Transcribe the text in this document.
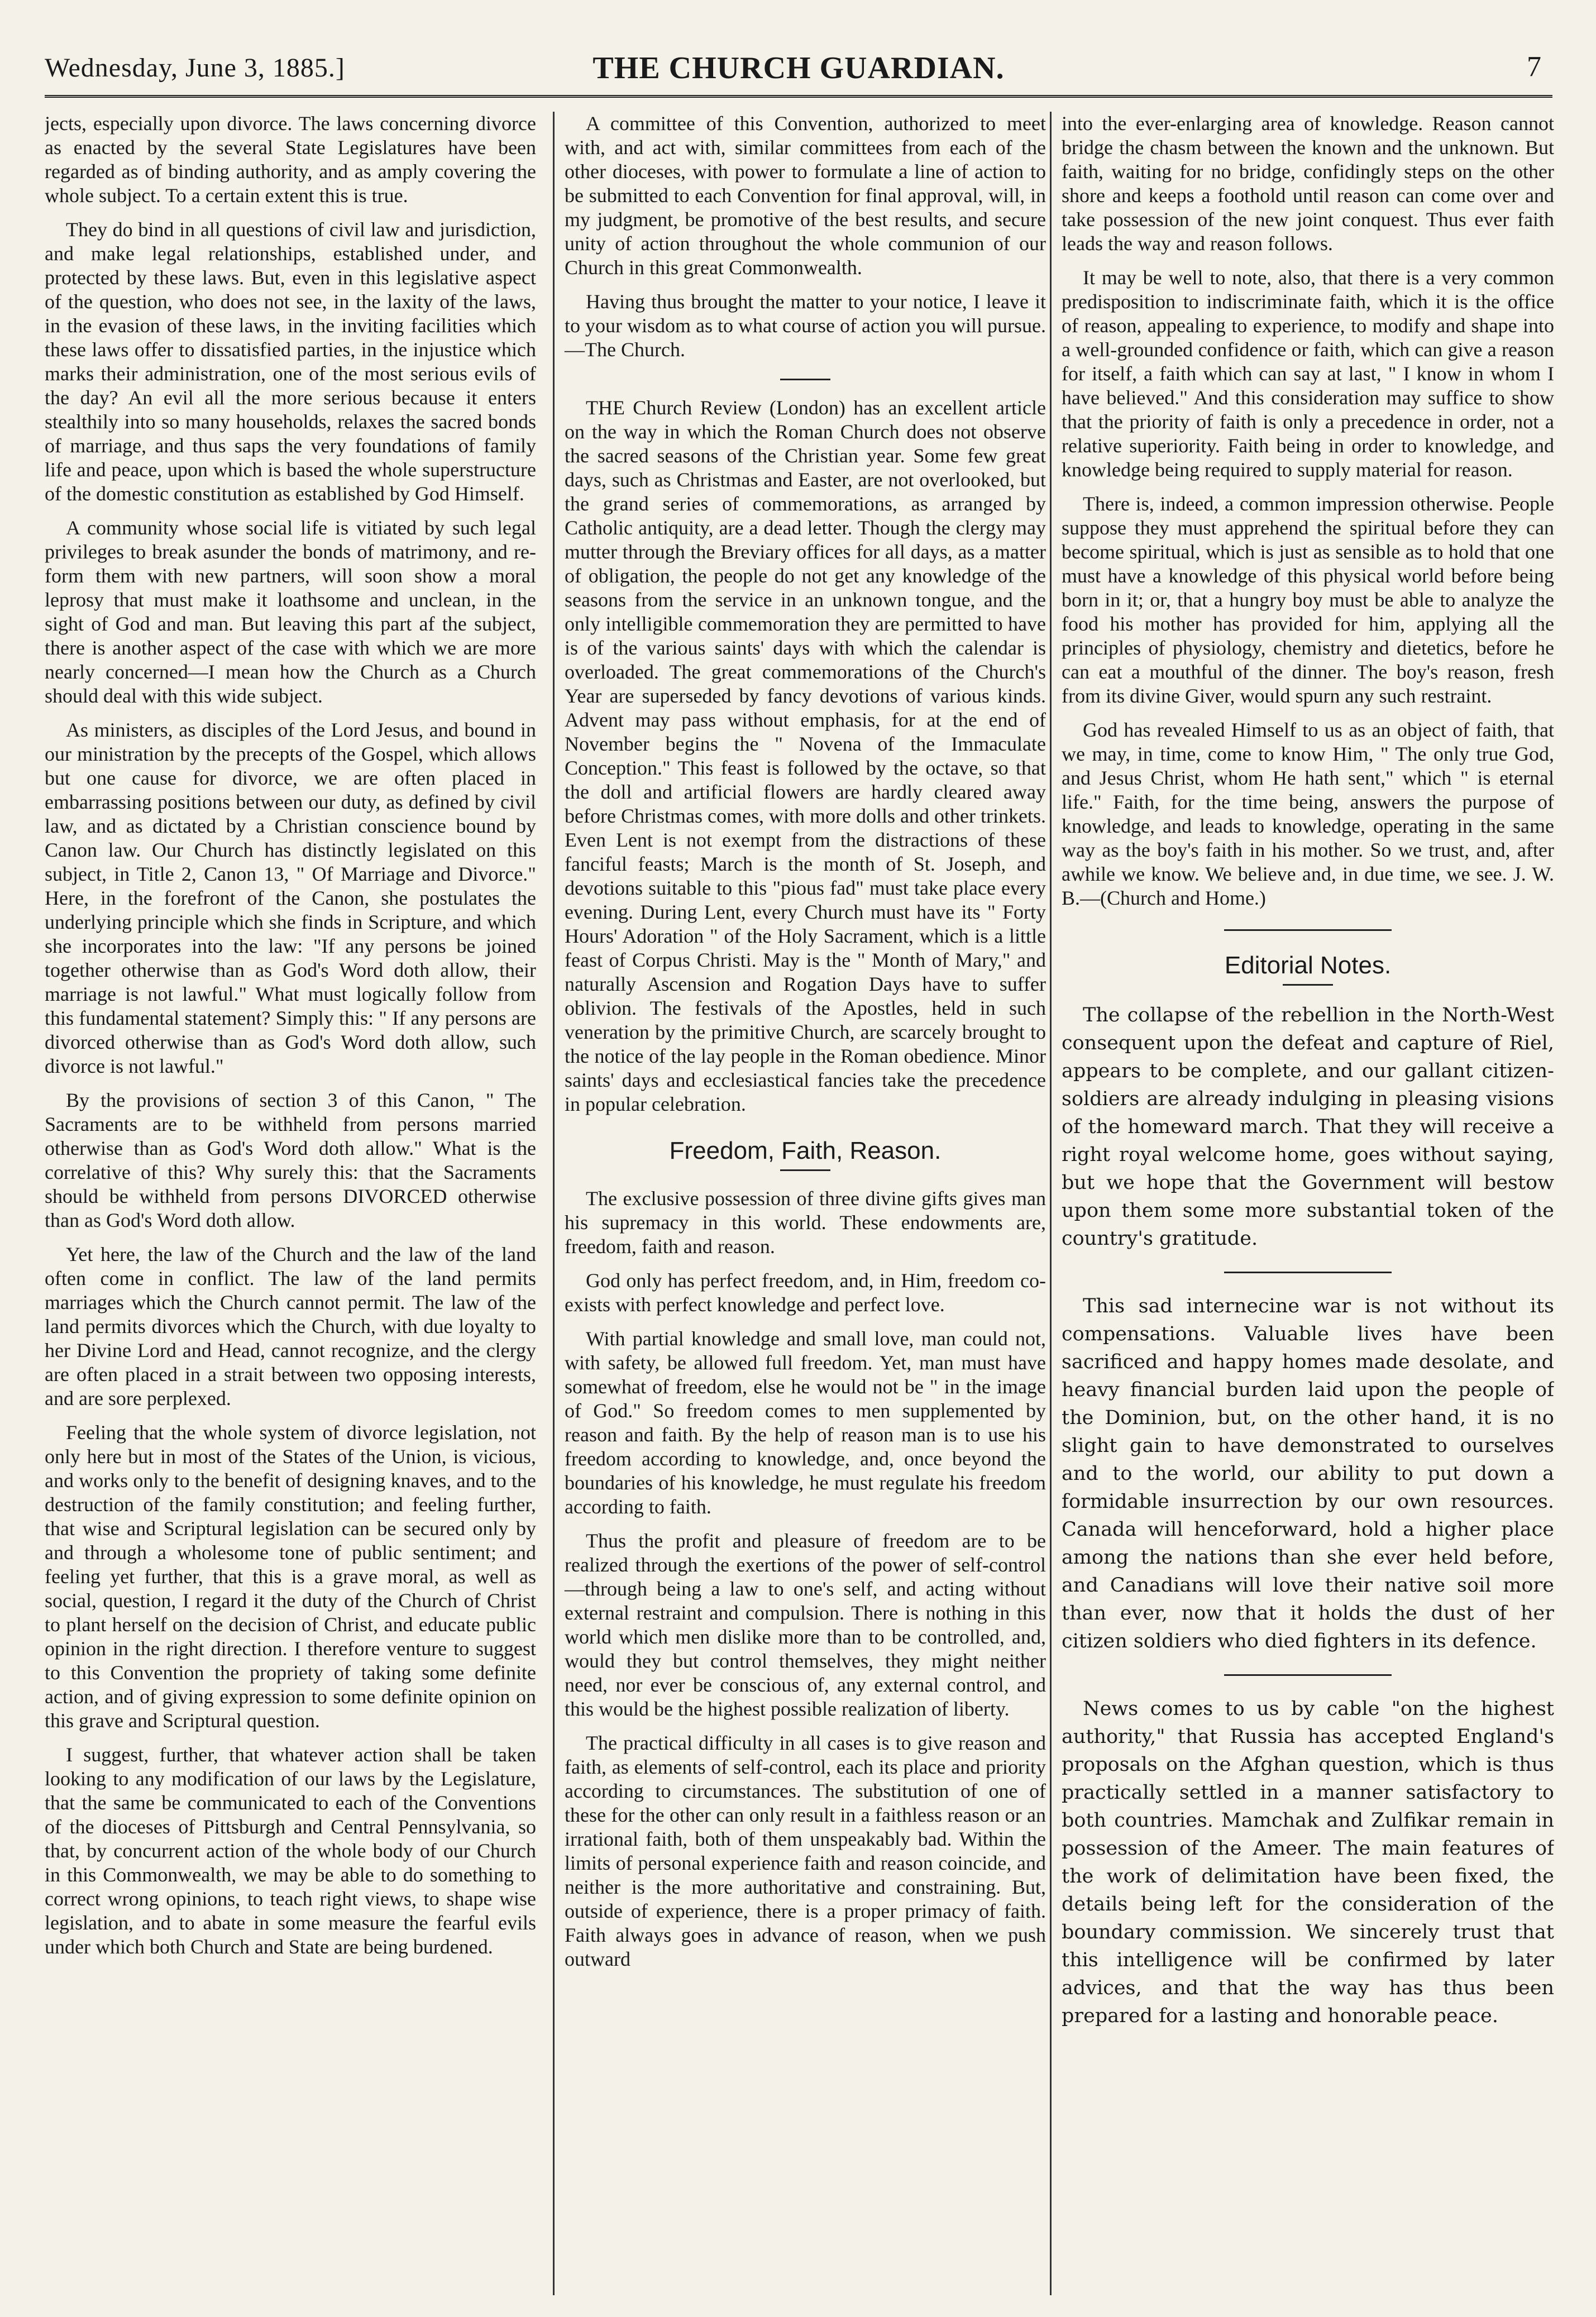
Wednesday, June 3, 1885.]	THE CHURCH GUARDIAN.	7

jects, especially upon divorce. The laws concerning divorce as enacted by the several State Legislatures have been regarded as of binding authority, and as amply covering the whole subject. To a certain extent this is true.

They do bind in all questions of civil law and jurisdiction, and make legal relationships, established under, and protected by these laws. But, even in this legislative aspect of the question, who does not see, in the laxity of the laws, in the evasion of these laws, in the inviting facilities which these laws offer to dissatisfied parties, in the injustice which marks their administration, one of the most serious evils of the day? An evil all the more serious because it enters stealthily into so many households, relaxes the sacred bonds of marriage, and thus saps the very foundations of family life and peace, upon which is based the whole superstructure of the domestic constitution as established by God Himself.

A community whose social life is vitiated by such legal privileges to break asunder the bonds of matrimony, and re-form them with new partners, will soon show a moral leprosy that must make it loathsome and unclean, in the sight of God and man. But leaving this part af the subject, there is another aspect of the case with which we are more nearly concerned—I mean how the Church as a Church should deal with this wide subject.

As ministers, as disciples of the Lord Jesus, and bound in our ministration by the precepts of the Gospel, which allows but one cause for divorce, we are often placed in embarrassing positions between our duty, as defined by civil law, and as dictated by a Christian conscience bound by Canon law. Our Church has distinctly legislated on this subject, in Title 2, Canon 13, " Of Marriage and Divorce." Here, in the forefront of the Canon, she postulates the underlying principle which she finds in Scripture, and which she incorporates into the law: "If any persons be joined together otherwise than as God's Word doth allow, their marriage is not lawful." What must logically follow from this fundamental statement? Simply this: " If any persons are divorced otherwise than as God's Word doth allow, such divorce is not lawful."

By the provisions of section 3 of this Canon, " The Sacraments are to be withheld from persons married otherwise than as God's Word doth allow." What is the correlative of this? Why surely this: that the Sacraments should be withheld from persons DIVORCED otherwise than as God's Word doth allow.

Yet here, the law of the Church and the law of the land often come in conflict. The law of the land permits marriages which the Church cannot permit. The law of the land permits divorces which the Church, with due loyalty to her Divine Lord and Head, cannot recognize, and the clergy are often placed in a strait between two opposing interests, and are sore perplexed.

Feeling that the whole system of divorce legislation, not only here but in most of the States of the Union, is vicious, and works only to the benefit of designing knaves, and to the destruction of the family constitution; and feeling further, that wise and Scriptural legislation can be secured only by and through a wholesome tone of public sentiment; and feeling yet further, that this is a grave moral, as well as social, question, I regard it the duty of the Church of Christ to plant herself on the decision of Christ, and educate public opinion in the right direction. I therefore venture to suggest to this Convention the propriety of taking some definite action, and of giving expression to some definite opinion on this grave and Scriptural question.

I suggest, further, that whatever action shall be taken looking to any modification of our laws by the Legislature, that the same be communicated to each of the Conventions of the dioceses of Pittsburgh and Central Pennsylvania, so that, by concurrent action of the whole body of our Church in this Commonwealth, we may be able to do something to correct wrong opinions, to teach right views, to shape wise legislation, and to abate in some measure the fearful evils under which both Church and State are being burdened.

A committee of this Convention, authorized to meet with, and act with, similar committees from each of the other dioceses, with power to formulate a line of action to be submitted to each Convention for final approval, will, in my judgment, be promotive of the best results, and secure unity of action throughout the whole communion of our Church in this great Commonwealth.

Having thus brought the matter to your notice, I leave it to your wisdom as to what course of action you will pursue.—The Church.

THE Church Review (London) has an excellent article on the way in which the Roman Church does not observe the sacred seasons of the Christian year. Some few great days, such as Christmas and Easter, are not overlooked, but the grand series of commemorations, as arranged by Catholic antiquity, are a dead letter. Though the clergy may mutter through the Breviary offices for all days, as a matter of obligation, the people do not get any knowledge of the seasons from the service in an unknown tongue, and the only intelligible commemoration they are permitted to have is of the various saints' days with which the calendar is overloaded. The great commemorations of the Church's Year are superseded by fancy devotions of various kinds. Advent may pass without emphasis, for at the end of November begins the " Novena of the Immaculate Conception." This feast is followed by the octave, so that the doll and artificial flowers are hardly cleared away before Christmas comes, with more dolls and other trinkets. Even Lent is not exempt from the distractions of these fanciful feasts; March is the month of St. Joseph, and devotions suitable to this "pious fad" must take place every evening. During Lent, every Church must have its " Forty Hours' Adoration " of the Holy Sacrament, which is a little feast of Corpus Christi. May is the " Month of Mary," and naturally Ascension and Rogation Days have to suffer oblivion. The festivals of the Apostles, held in such veneration by the primitive Church, are scarcely brought to the notice of the lay people in the Roman obedience. Minor saints' days and ecclesiastical fancies take the precedence in popular celebration.

Freedom, Faith, Reason.

The exclusive possession of three divine gifts gives man his supremacy in this world. These endowments are, freedom, faith and reason.

God only has perfect freedom, and, in Him, freedom co-exists with perfect knowledge and perfect love.

With partial knowledge and small love, man could not, with safety, be allowed full freedom. Yet, man must have somewhat of freedom, else he would not be " in the image of God." So freedom comes to men supplemented by reason and faith. By the help of reason man is to use his freedom according to knowledge, and, once beyond the boundaries of his knowledge, he must regulate his freedom according to faith.

Thus the profit and pleasure of freedom are to be realized through the exertions of the power of self-control—through being a law to one's self, and acting without external restraint and compulsion. There is nothing in this world which men dislike more than to be controlled, and, would they but control themselves, they might neither need, nor ever be conscious of, any external control, and this would be the highest possible realization of liberty.

The practical difficulty in all cases is to give reason and faith, as elements of self-control, each its place and priority according to circumstances. The substitution of one of these for the other can only result in a faithless reason or an irrational faith, both of them unspeakably bad. Within the limits of personal experience faith and reason coincide, and neither is the more authoritative and constraining. But, outside of experience, there is a proper primacy of faith. Faith always goes in advance of reason, when we push outward

into the ever-enlarging area of knowledge. Reason cannot bridge the chasm between the known and the unknown. But faith, waiting for no bridge, confidingly steps on the other shore and keeps a foothold until reason can come over and take possession of the new joint conquest. Thus ever faith leads the way and reason follows.

It may be well to note, also, that there is a very common predisposition to indiscriminate faith, which it is the office of reason, appealing to experience, to modify and shape into a well-grounded confidence or faith, which can give a reason for itself, a faith which can say at last, " I know in whom I have believed." And this consideration may suffice to show that the priority of faith is only a precedence in order, not a relative superiority. Faith being in order to knowledge, and knowledge being required to supply material for reason.

There is, indeed, a common impression otherwise. People suppose they must apprehend the spiritual before they can become spiritual, which is just as sensible as to hold that one must have a knowledge of this physical world before being born in it; or, that a hungry boy must be able to analyze the food his mother has provided for him, applying all the principles of physiology, chemistry and dietetics, before he can eat a mouthful of the dinner. The boy's reason, fresh from its divine Giver, would spurn any such restraint.

God has revealed Himself to us as an object of faith, that we may, in time, come to know Him, " The only true God, and Jesus Christ, whom He hath sent," which " is eternal life." Faith, for the time being, answers the purpose of knowledge, and leads to knowledge, operating in the same way as the boy's faith in his mother. So we trust, and, after awhile we know. We believe and, in due time, we see. J. W. B.—(Church and Home.)

Editorial Notes.

The collapse of the rebellion in the North-West consequent upon the defeat and capture of Riel, appears to be complete, and our gallant citizen-soldiers are already indulging in pleasing visions of the homeward march. That they will receive a right royal welcome home, goes without saying, but we hope that the Government will bestow upon them some more substantial token of the country's gratitude.

This sad internecine war is not without its compensations. Valuable lives have been sacrificed and happy homes made desolate, and heavy financial burden laid upon the people of the Dominion, but, on the other hand, it is no slight gain to have demonstrated to ourselves and to the world, our ability to put down a formidable insurrection by our own resources. Canada will henceforward, hold a higher place among the nations than she ever held before, and Canadians will love their native soil more than ever, now that it holds the dust of her citizen soldiers who died fighters in its defence.

News comes to us by cable "on the highest authority," that Russia has accepted England's proposals on the Afghan question, which is thus practically settled in a manner satisfactory to both countries. Mamchak and Zulfikar remain in possession of the Ameer. The main features of the work of delimitation have been fixed, the details being left for the consideration of the boundary commission. We sincerely trust that this intelligence will be confirmed by later advices, and that the way has thus been prepared for a lasting and honorable peace.
